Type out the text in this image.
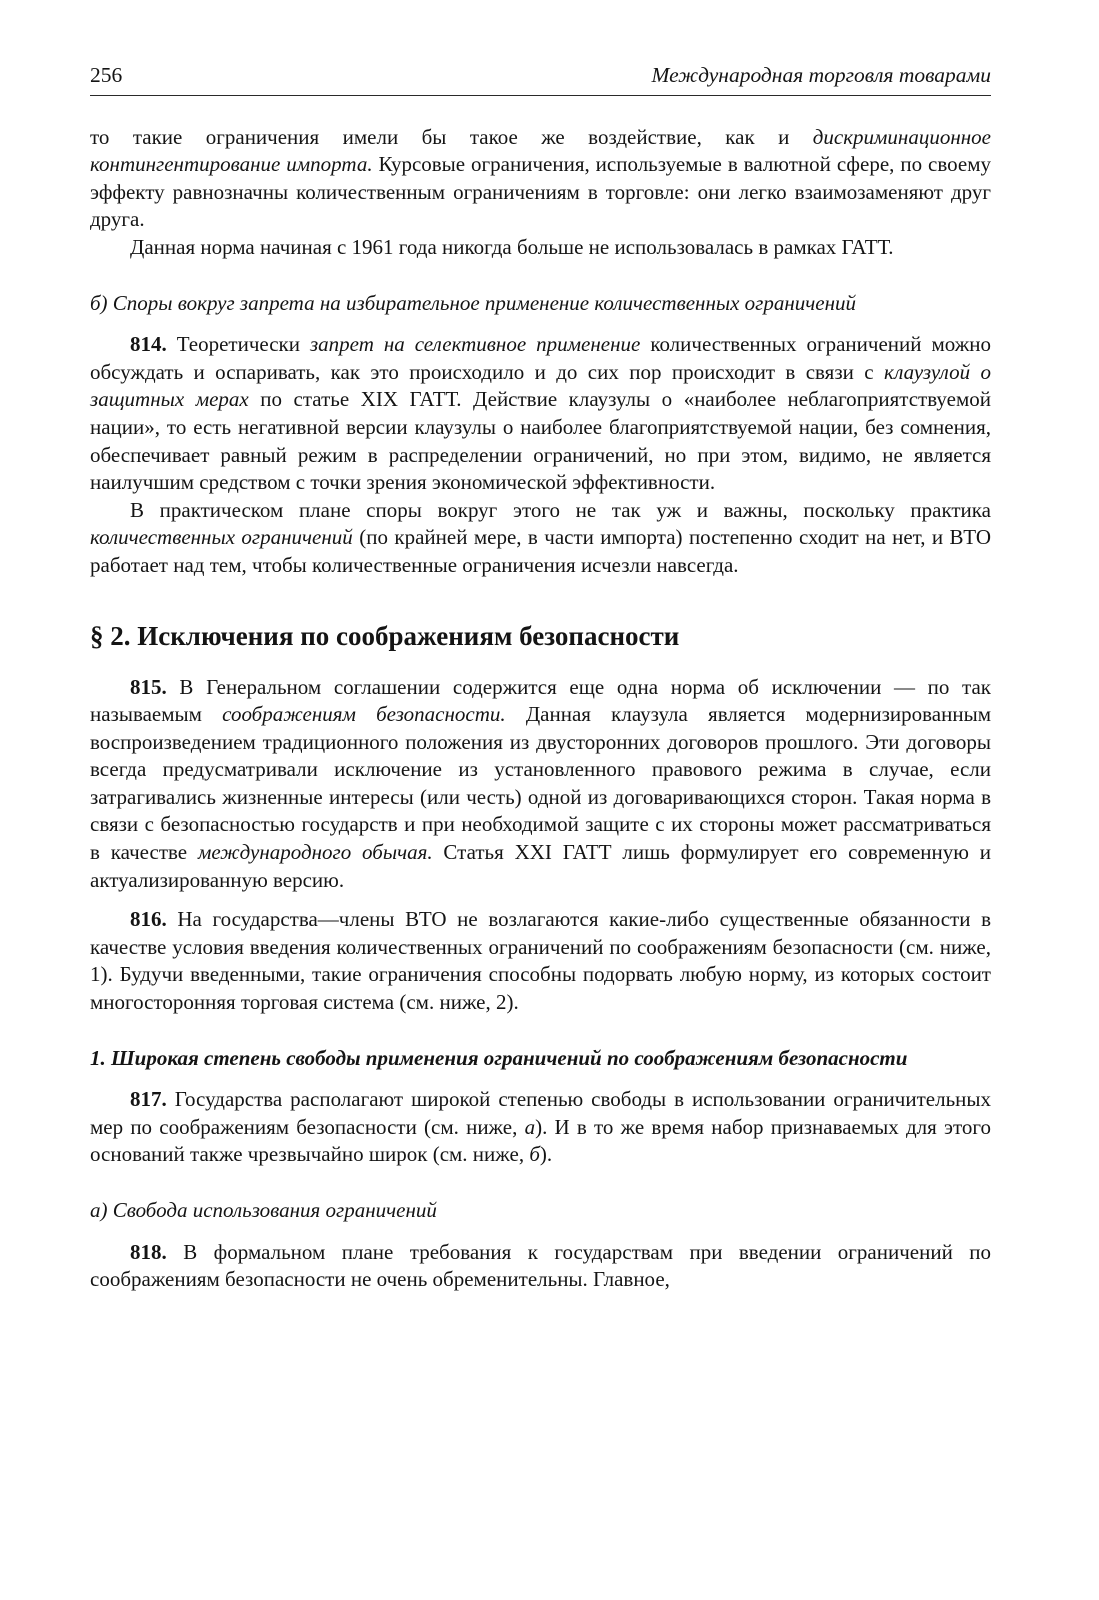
256	Международная торговля товарами

то такие ограничения имели бы такое же воздействие, как и дискриминационное контингентирование импорта. Курсовые ограничения, используемые в валютной сфере, по своему эффекту равнозначны количественным ограничениям в торговле: они легко взаимозаменяют друг друга.

Данная норма начиная с 1961 года никогда больше не использовалась в рамках ГАТТ.

б) Споры вокруг запрета на избирательное применение количественных ограничений

814. Теоретически запрет на селективное применение количественных ограничений можно обсуждать и оспаривать, как это происходило и до сих пор происходит в связи с клаузулой о защитных мерах по статье XIX ГАТТ. Действие клаузулы о «наиболее неблагоприятствуемой нации», то есть негативной версии клаузулы о наиболее благоприятствуемой нации, без сомнения, обеспечивает равный режим в распределении ограничений, но при этом, видимо, не является наилучшим средством с точки зрения экономической эффективности.

В практическом плане споры вокруг этого не так уж и важны, поскольку практика количественных ограничений (по крайней мере, в части импорта) постепенно сходит на нет, и ВТО работает над тем, чтобы количественные ограничения исчезли навсегда.

§ 2. Исключения по соображениям безопасности

815. В Генеральном соглашении содержится еще одна норма об исключении — по так называемым соображениям безопасности. Данная клаузула является модернизированным воспроизведением традиционного положения из двусторонних договоров прошлого. Эти договоры всегда предусматривали исключение из установленного правового режима в случае, если затрагивались жизненные интересы (или честь) одной из договаривающихся сторон. Такая норма в связи с безопасностью государств и при необходимой защите с их стороны может рассматриваться в качестве международного обычая. Статья XXI ГАТТ лишь формулирует его современную и актуализированную версию.

816. На государства—члены ВТО не возлагаются какие-либо существенные обязанности в качестве условия введения количественных ограничений по соображениям безопасности (см. ниже, 1). Будучи введенными, такие ограничения способны подорвать любую норму, из которых состоит многосторонняя торговая система (см. ниже, 2).

1. Широкая степень свободы применения ограничений по соображениям безопасности

817. Государства располагают широкой степенью свободы в использовании ограничительных мер по соображениям безопасности (см. ниже, а). И в то же время набор признаваемых для этого оснований также чрезвычайно широк (см. ниже, б).

а) Свобода использования ограничений

818. В формальном плане требования к государствам при введении ограничений по соображениям безопасности не очень обременительны. Главное,
